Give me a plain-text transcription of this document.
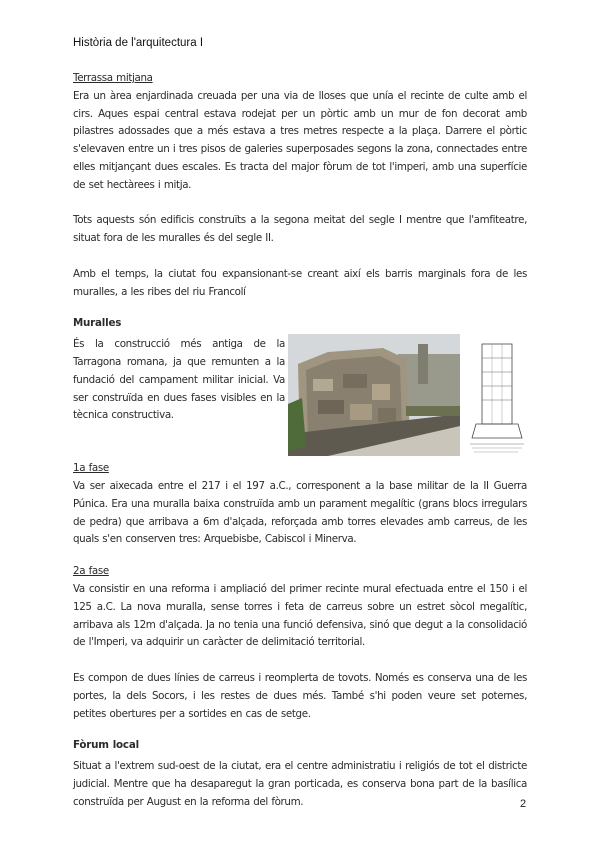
Història de l'arquitectura I
Terrassa mitjana

Era un àrea enjardinada creuada per una via de lloses que unía el recinte de culte amb el cirs. Aques espai central estava rodejat per un pòrtic amb un mur de fon decorat amb pilastres adossades que a més estava a tres metres respecte a la plaça. Darrere el pòrtic s'elevaven entre un i tres pisos de galeries superposades segons la zona, connectades entre elles mitjançant dues escales. Es tracta del major fòrum de tot l'imperi, amb una superfície de set hectàrees i mitja.

Tots aquests són edificis construïts a la segona meitat del segle I mentre que l'amfiteatre, situat fora de les muralles és del segle II.

Amb el temps, la ciutat fou expansionant-se creant així els barris marginals fora de les muralles, a les ribes del riu Francolí

Muralles

És la construcció més antiga de la Tarragona romana, ja que remunten a la fundació del campament militar inicial. Va ser construïda en dues fases visibles en la tècnica constructiva.

1a fase

Va ser aixecada entre el 217 i el 197 a.C., corresponent a la base militar de la II Guerra Púnica. Era una muralla baixa construïda amb un parament megalític (grans blocs irregulars de pedra) que arribava a 6m d'alçada, reforçada amb torres elevades amb carreus, de les quals s'en conserven tres: Arquebisbe, Cabiscol i Minerva.

2a fase

Va consistir en una reforma i ampliació del primer recinte mural efectuada entre el 150 i el 125 a.C. La nova muralla, sense torres i feta de carreus sobre un estret sòcol megalític, arribava als 12m d'alçada. Ja no tenia una funció defensiva, sinó que degut a la consolidació de l'Imperi, va adquirir un caràcter de delimitació territorial.

Es compon de dues línies de carreus i reomplerta de tovots. Només es conserva una de les portes, la dels Socors, i les restes de dues més. També s'hi poden veure set poternes, petites obertures per a sortides en cas de setge.

Fòrum local

Situat a l'extrem sud-oest de la ciutat, era el centre administratiu i religiós de tot el districte judicial. Mentre que ha desaparegut la gran porticada, es conserva bona part de la basílica construïda per August en la reforma del fòrum.	2
